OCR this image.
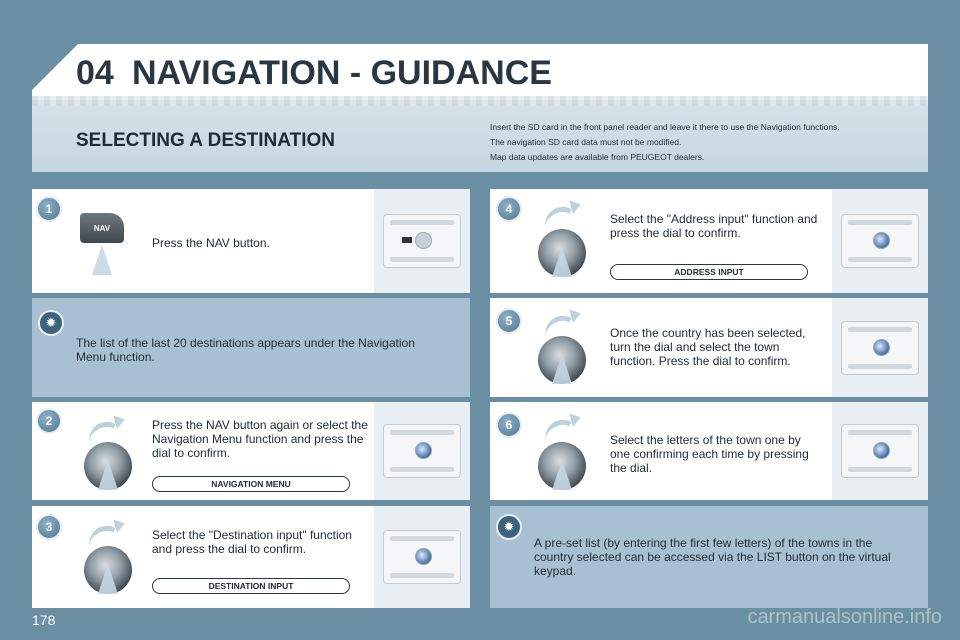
04 NAVIGATION - GUIDANCE
SELECTING A DESTINATION
Insert the SD card in the front panel reader and leave it there to use the Navigation functions.
The navigation SD card data must not be modified.
Map data updates are available from PEUGEOT dealers.
NAV
Press the NAV button.
1
The list of the last 20 destinations appears under the Navigation Menu function.
✹
Press the NAV button again or select the Navigation Menu function and press the dial to confirm.
NAVIGATION MENU
2
Select the "Destination input" function and press the dial to confirm.
DESTINATION INPUT
3
Select the "Address input" function and press the dial to confirm.
ADDRESS INPUT
4
Once the country has been selected, turn the dial and select the town function. Press the dial to confirm.
5
Select the letters of the town one by one confirming each time by pressing the dial.
6
A pre-set list (by entering the first few letters) of the towns in the country selected can be accessed via the LIST button on the virtual keypad.
✹
178	carmanualsonline.info
